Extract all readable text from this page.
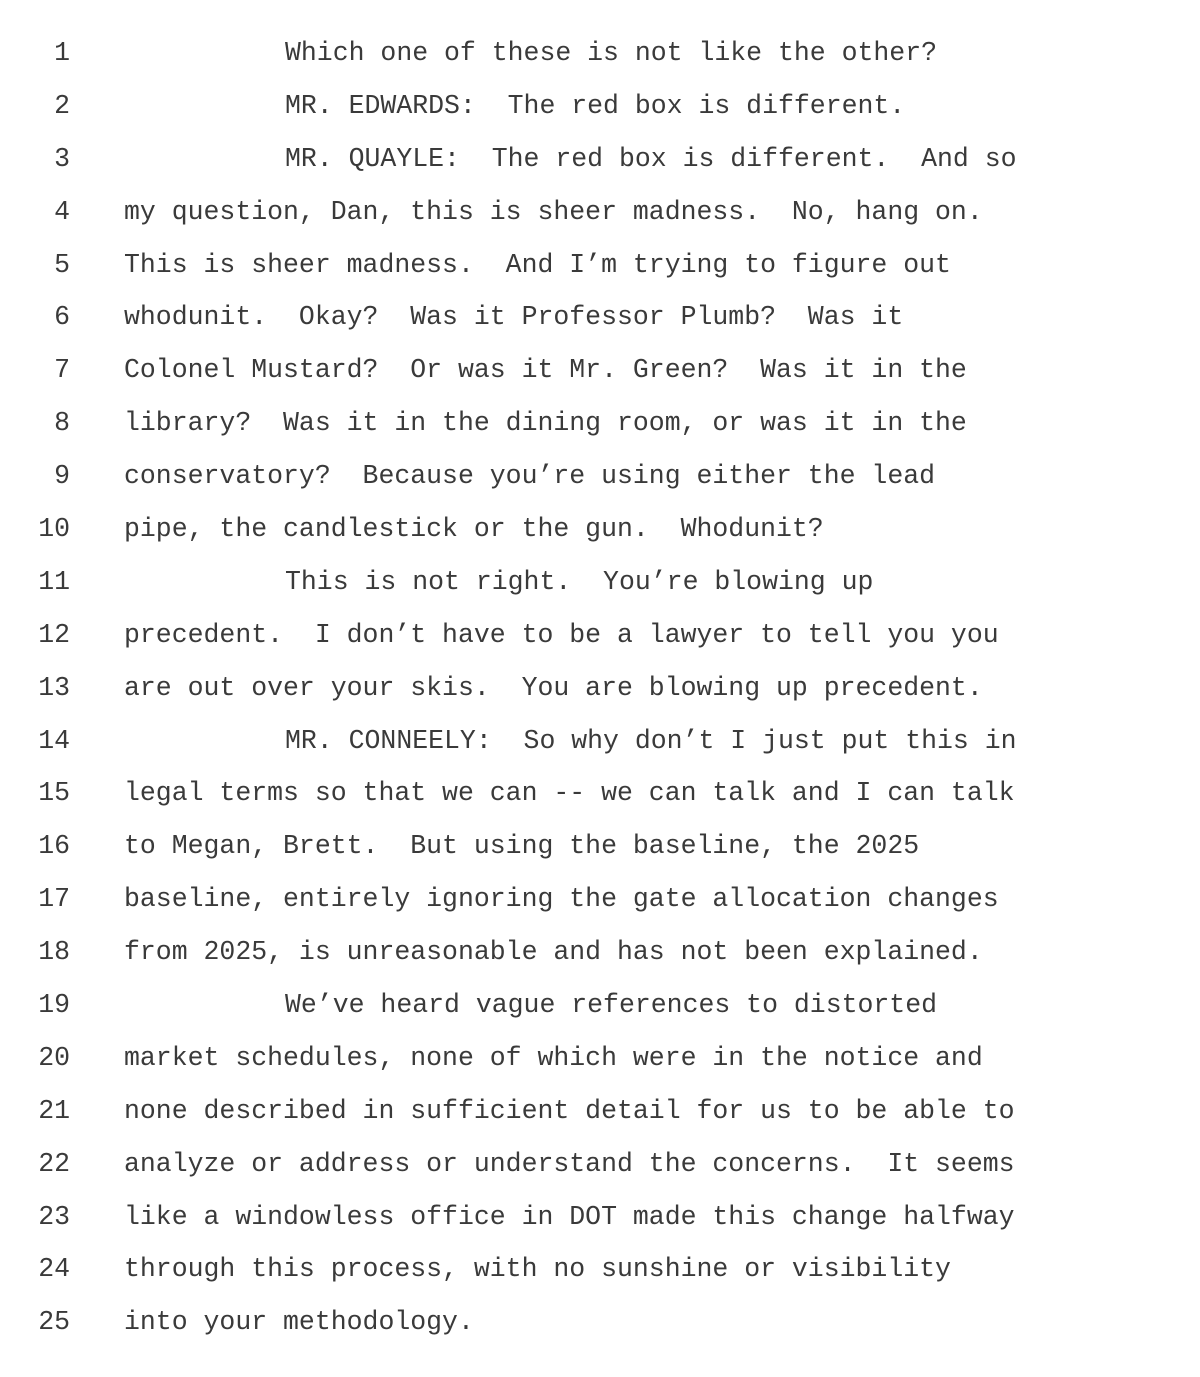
1	Which one of these is not like the other?
2	MR. EDWARDS:  The red box is different.
3	MR. QUAYLE:  The red box is different.  And so
4 my question, Dan, this is sheer madness.  No, hang on.
5 This is sheer madness.  And I’m trying to figure out
6 whodunit.  Okay?  Was it Professor Plumb?  Was it
7 Colonel Mustard?  Or was it Mr. Green?  Was it in the
8 library?  Was it in the dining room, or was it in the
9 conservatory?  Because you’re using either the lead
10 pipe, the candlestick or the gun.  Whodunit?
11	This is not right.  You’re blowing up
12 precedent.  I don’t have to be a lawyer to tell you you
13 are out over your skis.  You are blowing up precedent.
14	MR. CONNEELY:  So why don’t I just put this in
15 legal terms so that we can -- we can talk and I can talk
16 to Megan, Brett.  But using the baseline, the 2025
17 baseline, entirely ignoring the gate allocation changes
18 from 2025, is unreasonable and has not been explained.
19	We’ve heard vague references to distorted
20 market schedules, none of which were in the notice and
21 none described in sufficient detail for us to be able to
22 analyze or address or understand the concerns.  It seems
23 like a windowless office in DOT made this change halfway
24 through this process, with no sunshine or visibility
25 into your methodology.
